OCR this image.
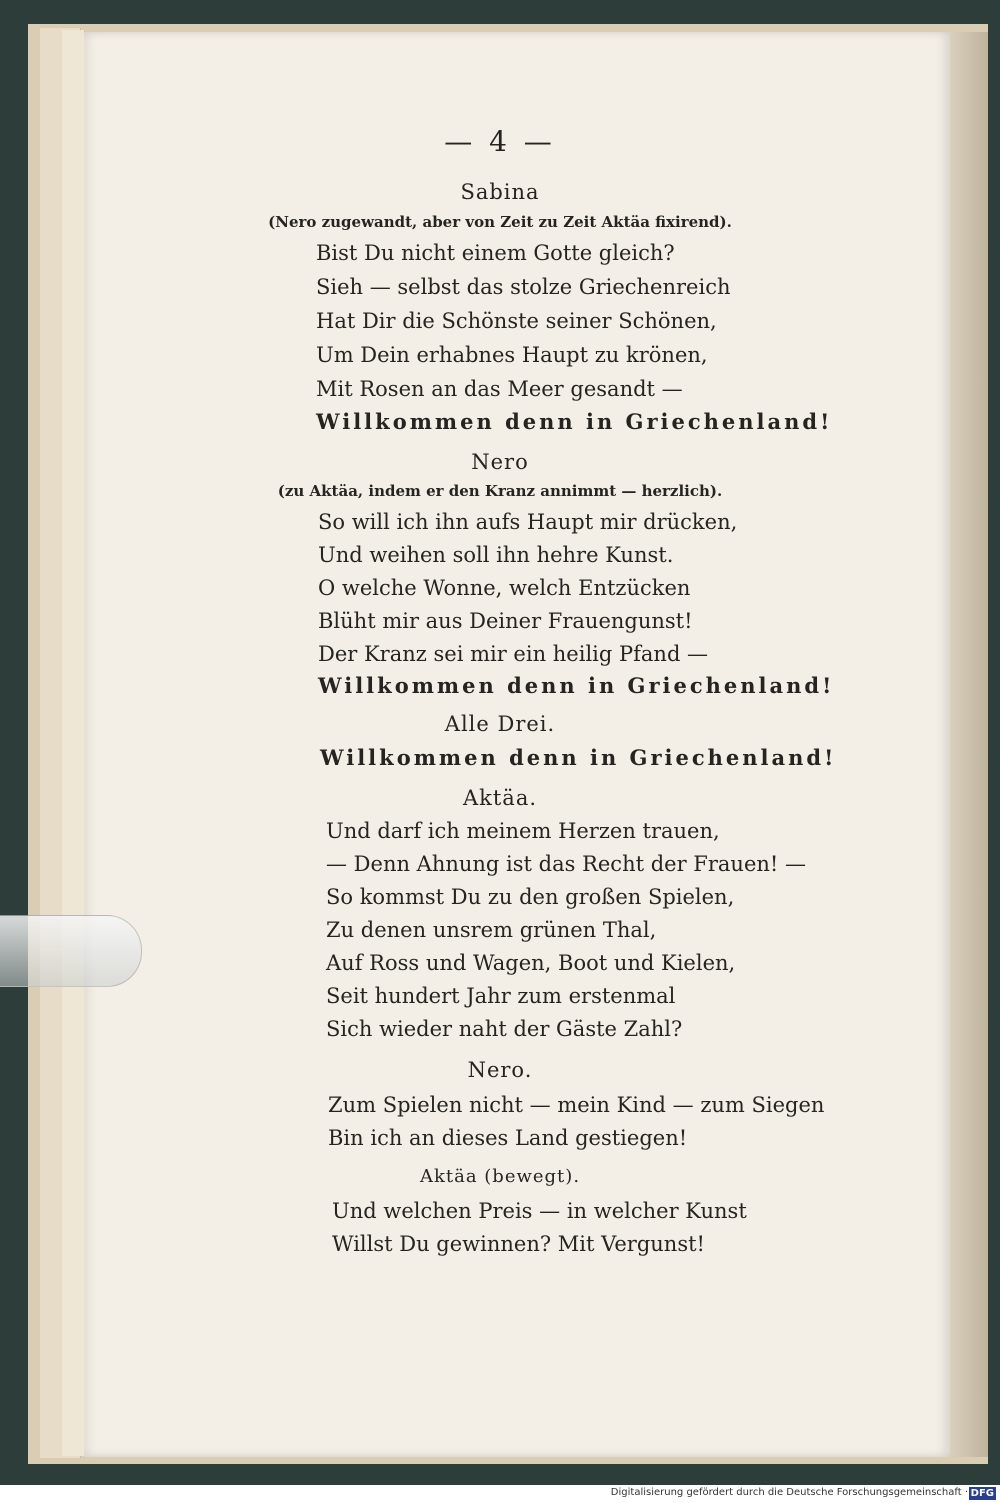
— 4 —
Sabina
(Nero zugewandt, aber von Zeit zu Zeit Aktäa fixirend).
Bist Du nicht einem Gotte gleich?
Sieh — selbst das stolze Griechenreich
Hat Dir die Schönste seiner Schönen,
Um Dein erhabnes Haupt zu krönen,
Mit Rosen an das Meer gesandt —
Willkommen denn in Griechenland!
Nero
(zu Aktäa, indem er den Kranz annimmt — herzlich).
So will ich ihn aufs Haupt mir drücken,
Und weihen soll ihn hehre Kunst.
O welche Wonne, welch Entzücken
Blüht mir aus Deiner Frauengunst!
Der Kranz sei mir ein heilig Pfand —
Willkommen denn in Griechenland!
Alle Drei.
Willkommen denn in Griechenland!
Aktäa.
Und darf ich meinem Herzen trauen,
— Denn Ahnung ist das Recht der Frauen! —
So kommst Du zu den großen Spielen,
Zu denen unsrem grünen Thal,
Auf Ross und Wagen, Boot und Kielen,
Seit hundert Jahr zum erstenmal
Sich wieder naht der Gäste Zahl?
Nero.
Zum Spielen nicht — mein Kind — zum Siegen
Bin ich an dieses Land gestiegen!
Aktäa (bewegt).
Und welchen Preis — in welcher Kunst
Willst Du gewinnen? Mit Vergunst!
Digitalisierung gefördert durch die Deutsche Forschungsgemeinschaft · DFG
